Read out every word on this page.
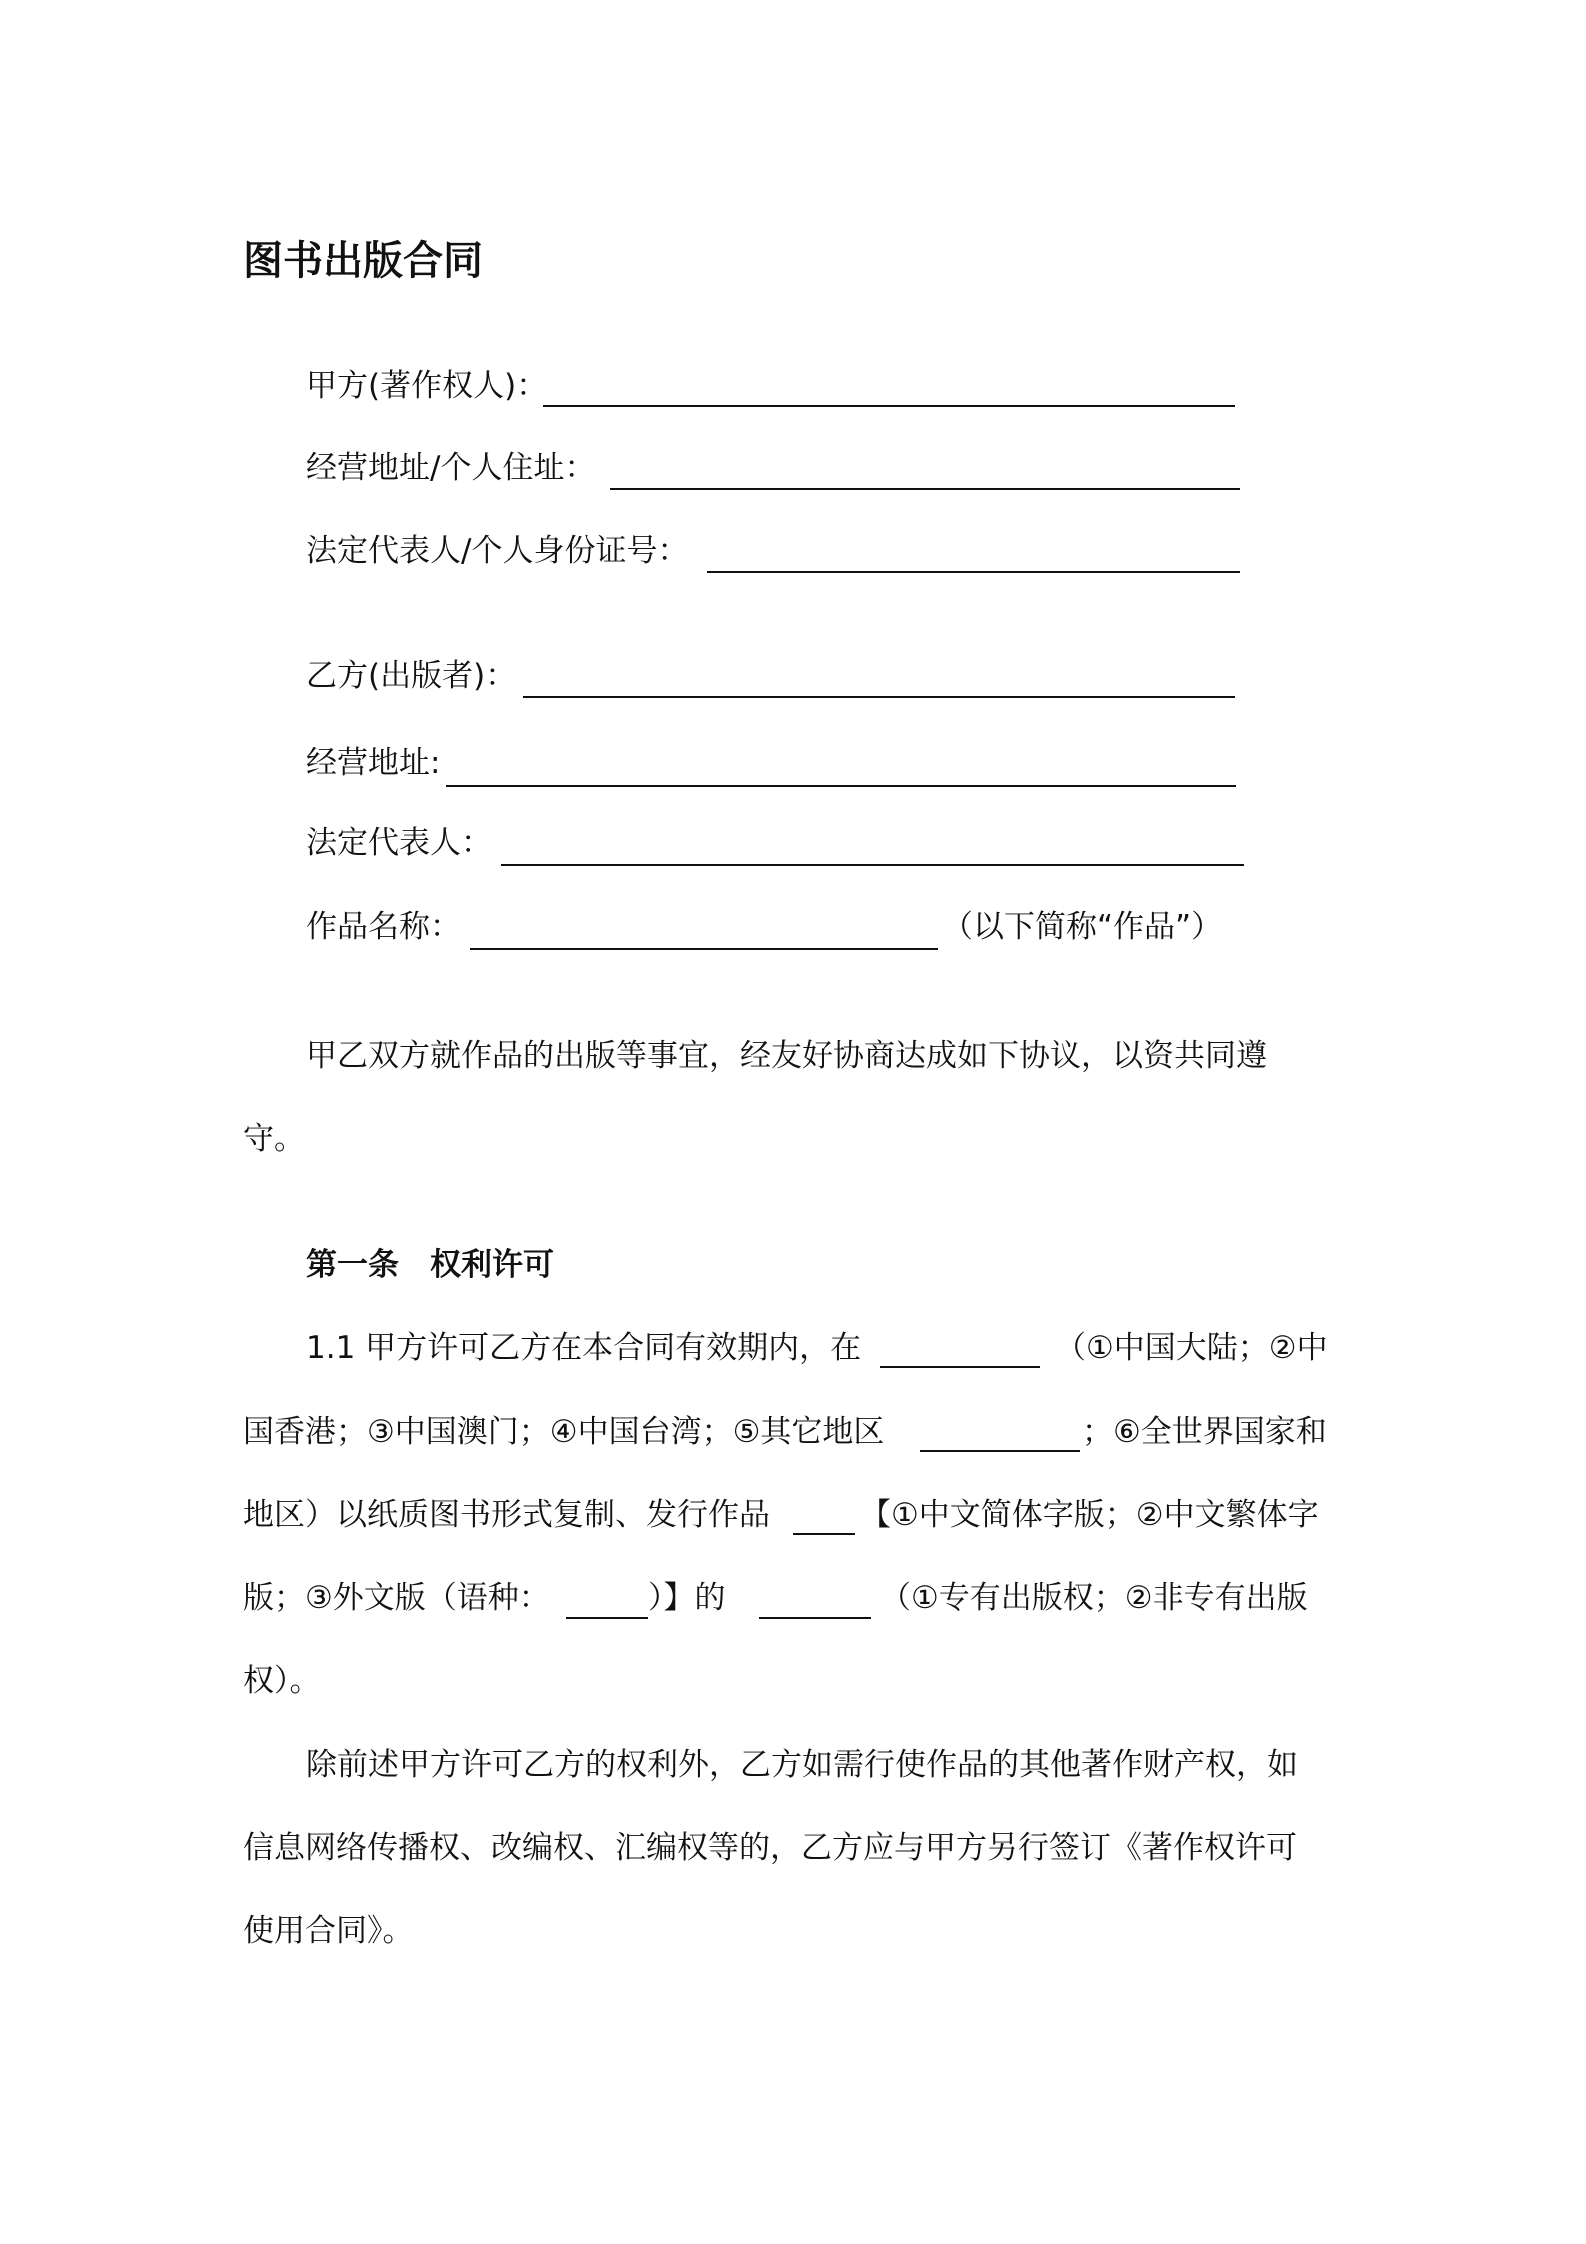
图书出版合同
甲方(著作权人)：
经营地址/个人住址：
法定代表人/个人身份证号：
乙方(出版者)：
经营地址:
法定代表人：
作品名称：	（以下简称“作品”）
甲乙双方就作品的出版等事宜，经友好协商达成如下协议，以资共同遵
守。
第一条　权利许可
1.1 甲方许可乙方在本合同有效期内，在	（①中国大陆；②中
国香港；③中国澳门；④中国台湾；⑤其它地区	；⑥全世界国家和
地区）以纸质图书形式复制、发行作品	【①中文简体字版；②中文繁体字
版；③外文版（语种：	）】的	（①专有出版权；②非专有出版
权）。
除前述甲方许可乙方的权利外，乙方如需行使作品的其他著作财产权，如
信息网络传播权、改编权、汇编权等的，乙方应与甲方另行签订《著作权许可
使用合同》。
